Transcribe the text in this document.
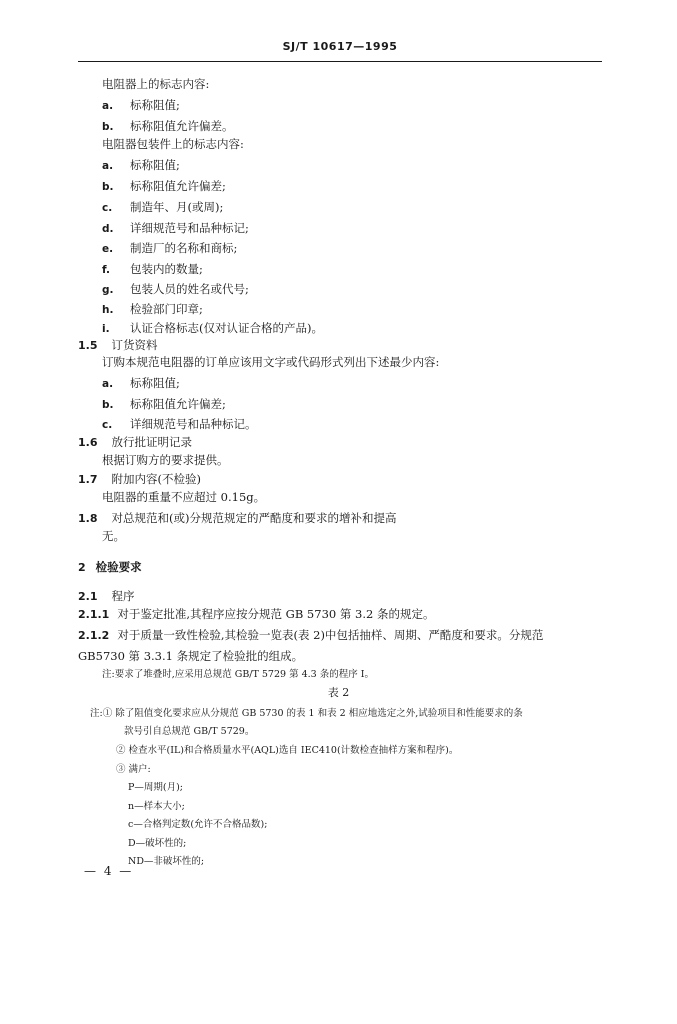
SJ/T 10617—1995
电阻器上的标志内容:
a. 标称阻值;
b. 标称阻值允许偏差。
电阻器包装件上的标志内容:
a. 标称阻值;
b. 标称阻值允许偏差;
c. 制造年、月(或周);
d. 详细规范号和品种标记;
e. 制造厂的名称和商标;
f. 包装内的数量;
g. 包装人员的姓名或代号;
h. 检验部门印章;
i. 认证合格标志(仅对认证合格的产品)。
1.5 订货资料
订购本规范电阻器的订单应该用文字或代码形式列出下述最少内容:
a. 标称阻值;
b. 标称阻值允许偏差;
c. 详细规范号和品种标记。
1.6 放行批证明记录
根据订购方的要求提供。
1.7 附加内容(不检验)
电阻器的重量不应超过 0.15g。
1.8 对总规范和(或)分规范规定的严酷度和要求的增补和提高
无。
2 检验要求
2.1 程序
2.1.1 对于鉴定批准,其程序应按分规范 GB 5730 第 3.2 条的规定。
2.1.2 对于质量一致性检验,其检验一览表(表 2)中包括抽样、周期、严酷度和要求。分规范
GB5730 第 3.3.1 条规定了检验批的组成。
注:要求了堆叠时,应采用总规范 GB/T 5729 第 4.3 条的程序 I。
表 2
注:① 除了阻值变化要求应从分规范 GB 5730 的表 1 和表 2 相应地选定之外,试验项目和性能要求的条
款号引自总规范 GB/T 5729。
② 检查水平(IL)和合格质量水平(AQL)选自 IEC410(计数检查抽样方案和程序)。
③ 满户:
P—周期(月);
n—样本大小;
c—合格判定数(允许不合格品数);
D—破坏性的;
ND—非破坏性的;
— 4 —
